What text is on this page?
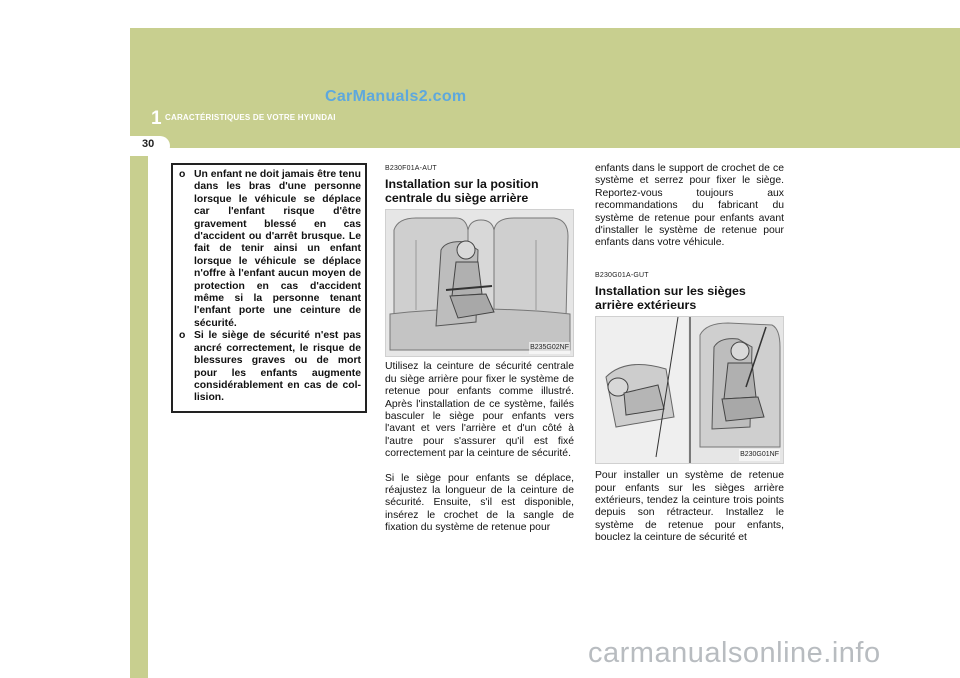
30
1 CARACTÉRISTIQUES DE VOTRE HYUNDAI
CarManuals2.com
o Un enfant ne doit jamais être tenu dans les bras d'une personne lorsque le véhicule se déplace car l'enfant risque d'être gravement blessé en cas d'accident ou d'arrêt brusque. Le fait de tenir ainsi un enfant lorsque le véhicule se déplace n'offre à l'enfant aucun moyen de protection en cas d'accident même si la personne tenant l'enfant porte une ceinture de sécurité.
o Si le siège de sécurité n'est pas ancré correctement, le risque de blessures graves ou de mort pour les enfants augmente considérablement en cas de col-lision.
B230F01A-AUT
Installation sur la position centrale du siège arrière
B235G02NF

Utilisez la ceinture de sécurité centrale du siège arrière pour fixer le système de retenue pour enfants comme illustré. Après l'installation de ce système, failés basculer le siège pour enfants vers l'avant et vers l'arrière et d'un côté à l'autre pour s'assurer qu'il est fixé correctement par la ceinture de sécurité.

Si le siège pour enfants se déplace, réajustez la longueur de la ceinture de sécurité. Ensuite, s'il est disponible, insérez le crochet de la sangle de fixation du système de retenue pour

enfants dans le support de crochet de ce système et serrez pour fixer le siège. Reportez-vous toujours aux recommandations du fabricant du système de retenue pour enfants avant d'installer le système de retenue pour enfants dans votre véhicule.

B230G01A-GUT
Installation sur les sièges arrière extérieurs
B230G01NF

Pour installer un système de retenue pour enfants sur les sièges arrière extérieurs, tendez la ceinture trois points depuis son rétracteur. Installez le système de retenue pour enfants, bouclez la ceinture de sécurité et

carmanualsonline.info
